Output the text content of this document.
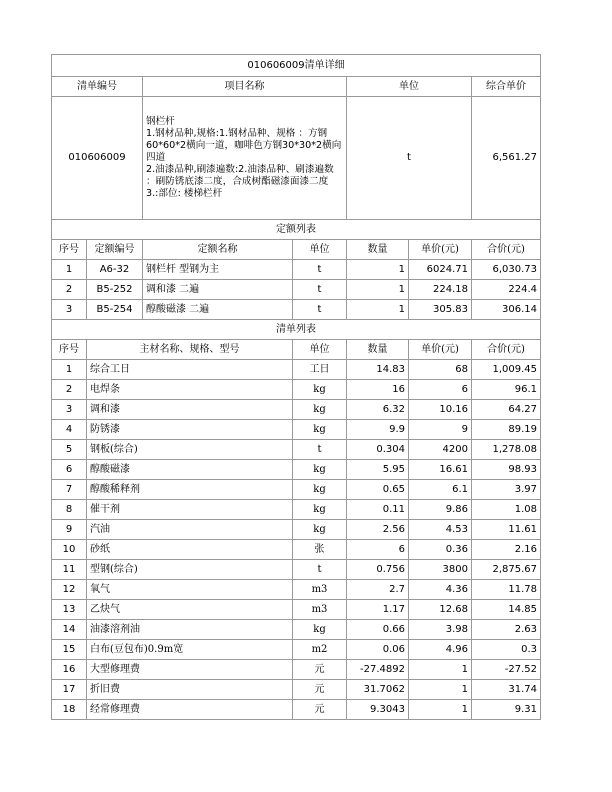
010606009清单详细						
清单编号		项目名称		单位		综合单价
010606009		钢栏杆
1.钢材品种,规格:1.钢材品种、规格 ：方钢60*60*2横向一道，咖啡色方钢30*30*2横向四道
2.油漆品种,刷漆遍数:2.油漆品种、刷漆遍数 ：刷防锈底漆二度，合成树酯磁漆面漆二度
3.:部位: 楼梯栏杆		t		6,561.27
定额列表						
序号	定额编号	定额名称	单位	数量	单价(元)	合价(元)
1	A6-32	钢栏杆 型钢为主	t	1	6024.71	6,030.73
2	B5-252	调和漆 二遍	t	1	224.18	224.4
3	B5-254	醇酸磁漆 二遍	t	1	305.83	306.14
清单列表						
序号	主材名称、规格、型号		单位	数量	单价(元)	合价(元)
1	综合工日		工日	14.83	68	1,009.45
2	电焊条		kg	16	6	96.1
3	调和漆		kg	6.32	10.16	64.27
4	防锈漆		kg	9.9	9	89.19
5	钢板(综合)		t	0.304	4200	1,278.08
6	醇酸磁漆		kg	5.95	16.61	98.93
7	醇酸稀释剂		kg	0.65	6.1	3.97
8	催干剂		kg	0.11	9.86	1.08
9	汽油		kg	2.56	4.53	11.61
10	砂纸		张	6	0.36	2.16
11	型钢(综合)		t	0.756	3800	2,875.67
12	氧气		m3	2.7	4.36	11.78
13	乙炔气		m3	1.17	12.68	14.85
14	油漆溶剂油		kg	0.66	3.98	2.63
15	白布(豆包布)0.9m宽		m2	0.06	4.96	0.3
16	大型修理费		元	-27.4892	1	-27.52
17	折旧费		元	31.7062	1	31.74
18	经常修理费		元	9.3043	1	9.31
